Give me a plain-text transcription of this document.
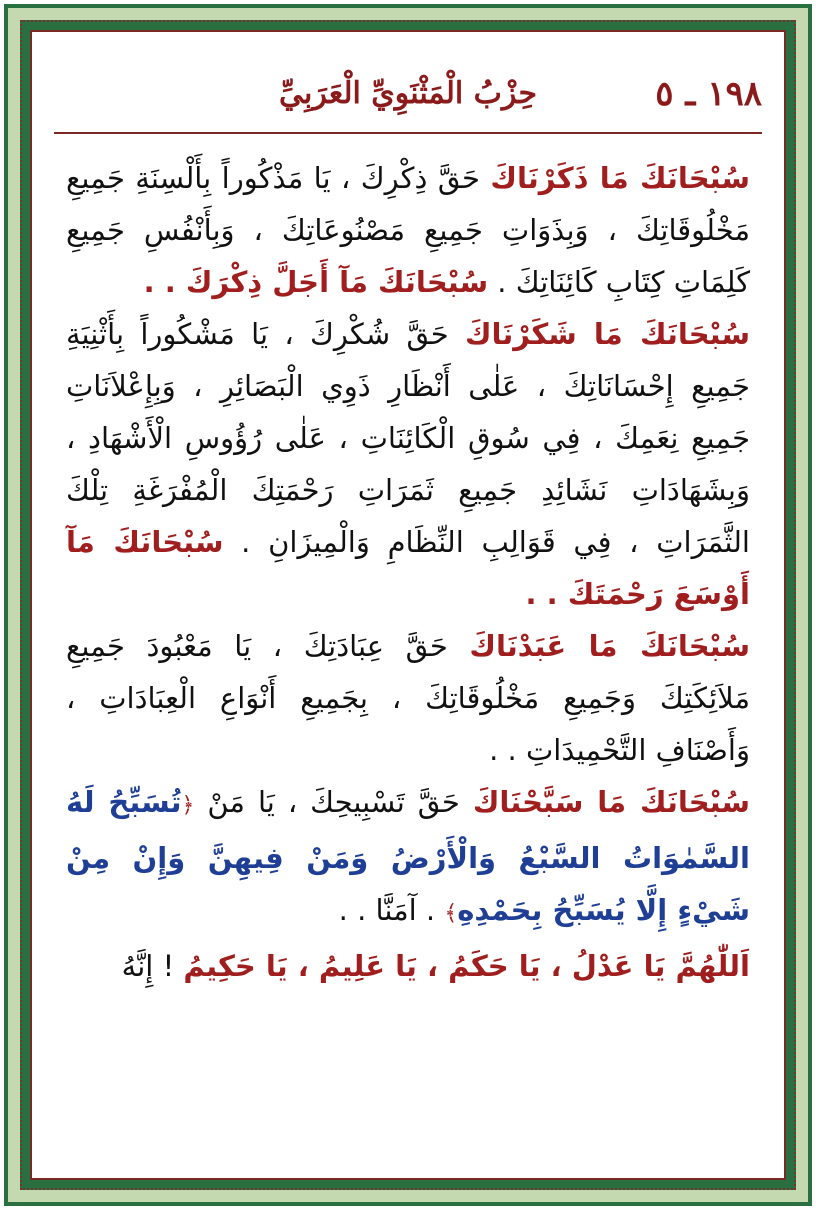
١٩٨ ـ ٥
حِزْبُ الْمَثْنَوِيِّ الْعَرَبِيِّ

سُبْحَانَكَ مَا ذَكَرْنَاكَ حَقَّ ذِكْرِكَ ، يَا مَذْكُوراً بِأَلْسِنَةِ جَمِيعِ مَخْلُوقَاتِكَ ، وَبِذَوَاتِ جَمِيعِ مَصْنُوعَاتِكَ ، وَبِأَنْفُسِ جَمِيعِ كَلِمَاتِ كِتَابِ كَائِنَاتِكَ . سُبْحَانَكَ مَآ أَجَلَّ ذِكْرَكَ . .

سُبْحَانَكَ مَا شَكَرْنَاكَ حَقَّ شُكْرِكَ ، يَا مَشْكُوراً بِأَثْنِيَةِ جَمِيعِ إِحْسَانَاتِكَ ، عَلٰى أَنْظَارِ ذَوِي الْبَصَائِرِ ، وَبِإِعْلاَنَاتِ جَمِيعِ نِعَمِكَ ، فِي سُوقِ الْكَائِنَاتِ ، عَلٰى رُؤُوسِ الْأَشْهَادِ ، وَبِشَهَادَاتِ نَشَائِدِ جَمِيعِ ثَمَرَاتِ رَحْمَتِكَ الْمُفْرَغَةِ تِلْكَ الثَّمَرَاتِ ، فِي قَوَالِبِ النِّظَامِ وَالْمِيزَانِ . سُبْحَانَكَ مَآ أَوْسَعَ رَحْمَتَكَ . .

سُبْحَانَكَ مَا عَبَدْنَاكَ حَقَّ عِبَادَتِكَ ، يَا مَعْبُودَ جَمِيعِ مَلاَئِكَتِكَ وَجَمِيعِ مَخْلُوقَاتِكَ ، بِجَمِيعِ أَنْوَاعِ الْعِبَادَاتِ ، وَأَصْنَافِ التَّحْمِيدَاتِ . .

سُبْحَانَكَ مَا سَبَّحْنَاكَ حَقَّ تَسْبِيحِكَ ، يَا مَنْ ﴿تُسَبِّحُ لَهُ السَّمٰوَاتُ السَّبْعُ وَالْأَرْضُ وَمَنْ فِيهِنَّ وَإِنْ مِنْ شَيْءٍ إِلَّا يُسَبِّحُ بِحَمْدِهِ﴾ . آمَنَّا . .

اَللّٰهُمَّ يَا عَدْلُ ، يَا حَكَمُ ، يَا عَلِيمُ ، يَا حَكِيمُ ! إِنَّهُ
